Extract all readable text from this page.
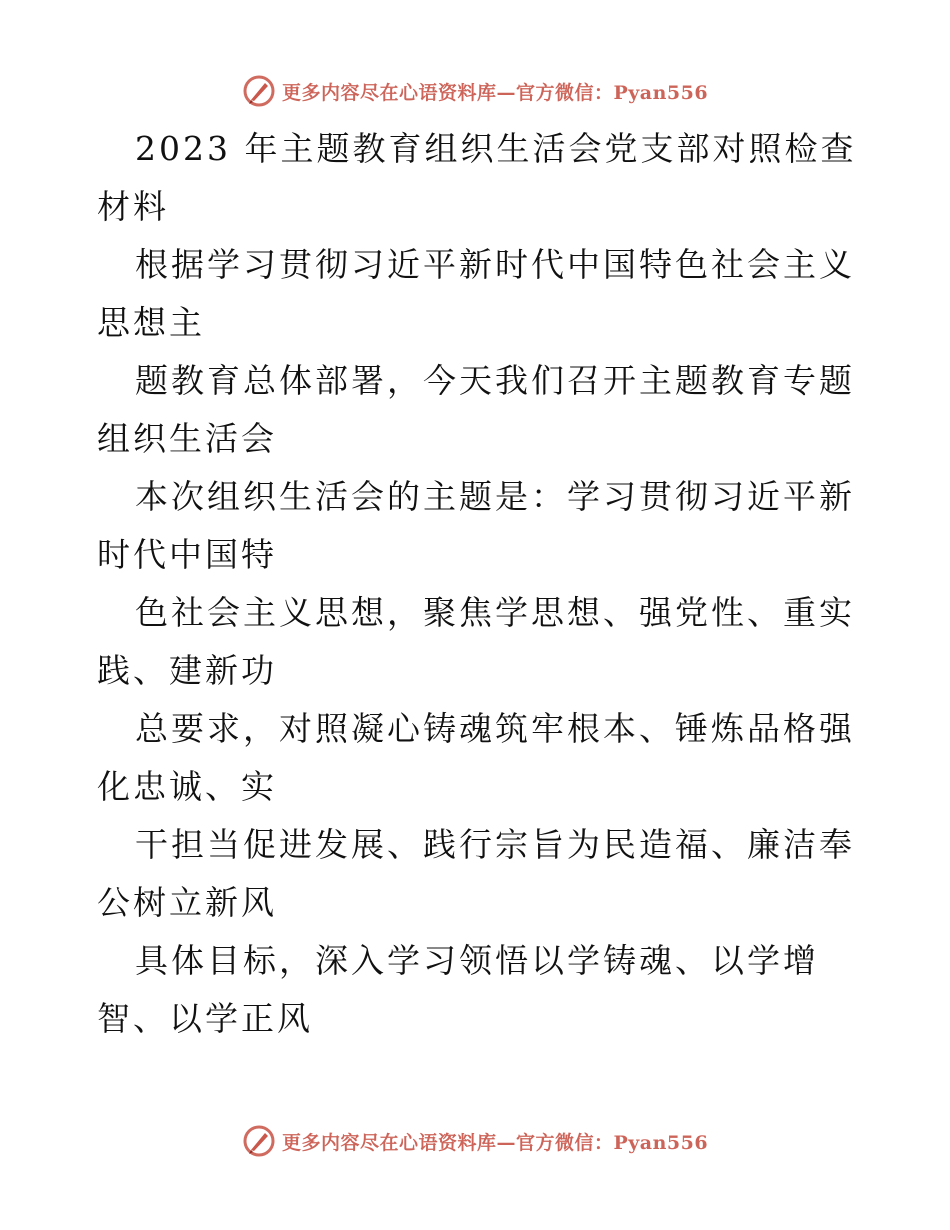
更多内容尽在心语资料库—官方微信：Pyan556

2023 年主题教育组织生活会党支部对照检查材料

根据学习贯彻习近平新时代中国特色社会主义思想主

题教育总体部署，今天我们召开主题教育专题组织生活会

本次组织生活会的主题是：学习贯彻习近平新时代中国特

色社会主义思想，聚焦学思想、强党性、重实践、建新功

总要求，对照凝心铸魂筑牢根本、锤炼品格强化忠诚、实

干担当促进发展、践行宗旨为民造福、廉洁奉公树立新风

具体目标，深入学习领悟以学铸魂、以学增智、以学正风

更多内容尽在心语资料库—官方微信：Pyan556
